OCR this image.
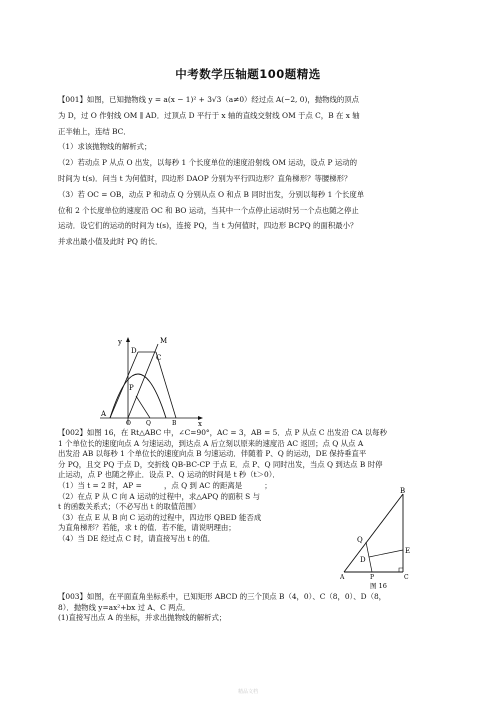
中考数学压轴题100题精选
【001】如图，已知抛物线 y = a(x − 1)² + 3√3（a≠0）经过点 A(−2, 0)，抛物线的顶点
为 D，过 O 作射线 OM ∥ AD．过顶点 D 平行于 x 轴的直线交射线 OM 于点 C，B 在 x 轴
正半轴上，连结 BC．
（1）求该抛物线的解析式；
（2）若动点 P 从点 O 出发，以每秒 1 个长度单位的速度沿射线 OM 运动，设点 P 运动的
时间为 t(s)．问当 t 为何值时，四边形 DAOP 分别为平行四边形？直角梯形？等腰梯形？
（3）若 OC = OB，动点 P 和动点 Q 分别从点 O 和点 B 同时出发，分别以每秒 1 个长度单
位和 2 个长度单位的速度沿 OC 和 BO 运动，当其中一个点停止运动时另一个点也随之停止
运动．设它们的运动的时间为 t(s)，连接 PQ，当 t 为何值时，四边形 BCPQ 的面积最小？
并求出最小值及此时 PQ 的长．
y
x
M
D
C
P
A
O	Q	B
【002】如图 16，在 Rt△ABC 中，∠C=90°，AC = 3，AB = 5．点 P 从点 C 出发沿 CA 以每秒
1 个单位长的速度向点 A 匀速运动，到达点 A 后立刻以原来的速度沿 AC 返回；点 Q 从点 A
出发沿 AB 以每秒 1 个单位长的速度向点 B 匀速运动．伴随着 P、Q 的运动，DE 保持垂直平
分 PQ，且交 PQ 于点 D，交折线 QB-BC-CP 于点 E．点 P、Q 同时出发，当点 Q 到达点 B 时停
止运动，点 P 也随之停止．设点 P、Q 运动的时间是 t 秒（t＞0）．
（1）当 t = 2 时，AP =　　　，点 Q 到 AC 的距离是　　　；
（2）在点 P 从 C 向 A 运动的过程中，求△APQ 的面积 S 与
t 的函数关系式；（不必写出 t 的取值范围）
（3）在点 E 从 B 向 C 运动的过程中，四边形 QBED 能否成
为直角梯形？若能，求 t 的值．若不能，请说明理由；
（4）当 DE 经过点 C 时，请直接写出 t 的值．
B
E
Q
D
A	P	C
图 16
【003】如图，在平面直角坐标系中，已知矩形 ABCD 的三个顶点 B（4，0）、C（8，0）、D（8，
8）．抛物线 y=ax²+bx 过 A、C 两点．
(1)直接写出点 A 的坐标，并求出抛物线的解析式；
精品文档
